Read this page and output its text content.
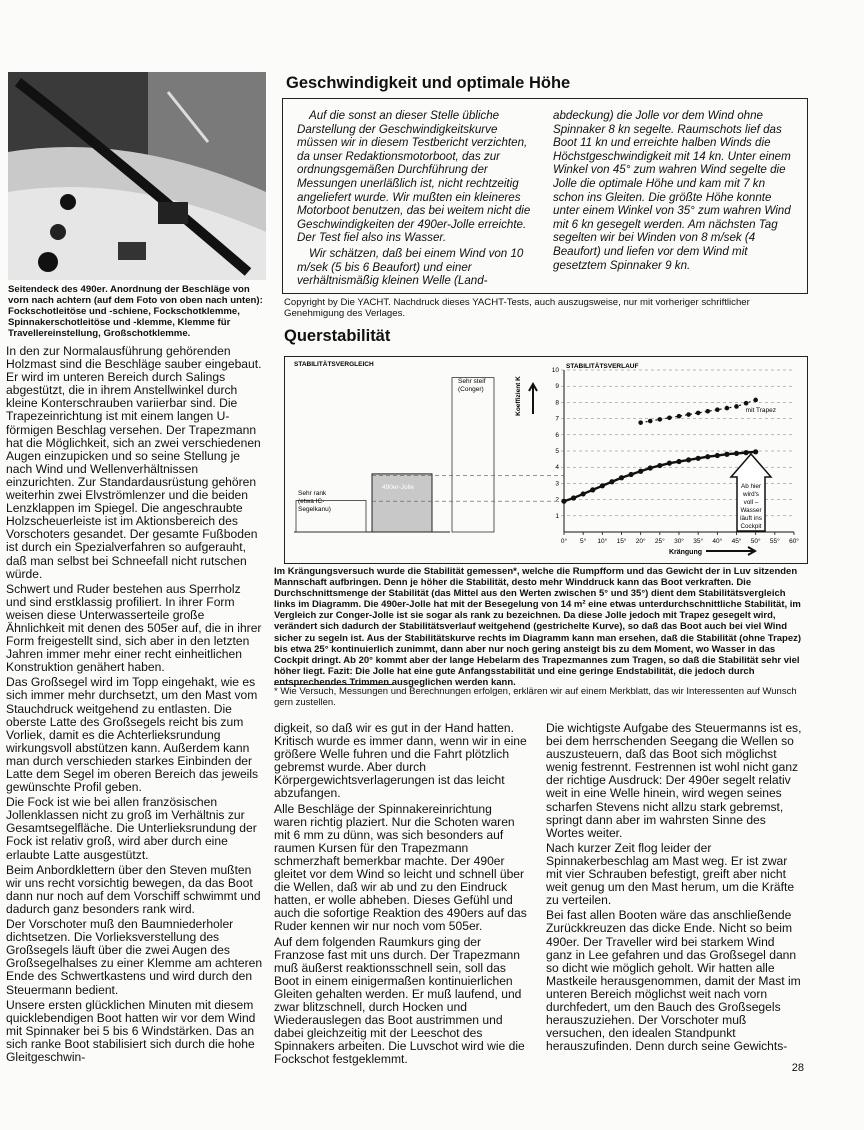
Seitendeck des 490er. Anordnung der Beschläge von vorn nach achtern (auf dem Foto von oben nach unten): Fockschotleitöse und -schiene, Fockschotklemme, Spinnakerschotleitöse und -klemme, Klemme für Travellereinstellung, Großschotklemme.

Geschwindigkeit und optimale Höhe

Auf die sonst an dieser Stelle übliche Darstellung der Geschwindigkeitskurve müssen wir in diesem Testbericht verzichten, da unser Redaktionsmotorboot, das zur ordnungsgemäßen Durchführung der Messungen unerläßlich ist, nicht rechtzeitig angeliefert wurde. Wir mußten ein kleineres Motorboot benutzen, das bei weitem nicht die Geschwindigkeiten der 490er-Jolle erreichte. Der Test fiel also ins Wasser.

Wir schätzen, daß bei einem Wind von 10 m/sek (5 bis 6 Beaufort) und einer verhältnismäßig kleinen Welle (Land-

abdeckung) die Jolle vor dem Wind ohne Spinnaker 8 kn segelte. Raumschots lief das Boot 11 kn und erreichte halben Winds die Höchstgeschwindigkeit mit 14 kn. Unter einem Winkel von 45° zum wahren Wind segelte die Jolle die optimale Höhe und kam mit 7 kn schon ins Gleiten. Die größte Höhe konnte unter einem Winkel von 35° zum wahren Wind mit 6 kn gesegelt werden. Am nächsten Tag segelten wir bei Winden von 8 m/sek (4 Beaufort) und liefen vor dem Wind mit gesetztem Spinnaker 9 kn.

Copyright by Die YACHT. Nachdruck dieses YACHT-Tests, auch auszugsweise, nur mit vorheriger schriftlicher Genehmigung des Verlages.

Querstabilität

In den zur Normalausführung gehörenden Holzmast sind die Beschläge sauber eingebaut. Er wird im unteren Bereich durch Salings abgestützt, die in ihrem Anstellwinkel durch kleine Konterschrauben variierbar sind. Die Trapezeinrichtung ist mit einem langen U-förmigen Beschlag versehen. Der Trapezmann hat die Möglichkeit, sich an zwei verschiedenen Augen einzupicken und so seine Stellung je nach Wind und Wellenverhältnissen einzurichten. Zur Standardausrüstung gehören weiterhin zwei Elvströmlenzer und die beiden Lenzklappen im Spiegel. Die angeschraubte Holzscheuerleiste ist im Aktionsbereich des Vorschoters gesandet. Der gesamte Fußboden ist durch ein Spezialverfahren so aufgerauht, daß man selbst bei Schneefall nicht rutschen würde.

Schwert und Ruder bestehen aus Sperrholz und sind erstklassig profiliert. In ihrer Form weisen diese Unterwasserteile große Ähnlichkeit mit denen des 505er auf, die in ihrer Form freigestellt sind, sich aber in den letzten Jahren immer mehr einer recht einheitlichen Konstruktion genähert haben.

Das Großsegel wird im Topp eingehakt, wie es sich immer mehr durchsetzt, um den Mast vom Stauchdruck weitgehend zu entlasten. Die oberste Latte des Großsegels reicht bis zum Vorliek, damit es die Achterlieksrundung wirkungsvoll abstützen kann. Außerdem kann man durch verschieden starkes Einbinden der Latte dem Segel im oberen Bereich das jeweils gewünschte Profil geben.

Die Fock ist wie bei allen französischen Jollenklassen nicht zu groß im Verhältnis zur Gesamtsegelfläche. Die Unterlieksrundung der Fock ist relativ groß, wird aber durch eine erlaubte Latte ausgestützt.

Beim Anbordklettern über den Steven mußten wir uns recht vorsichtig bewegen, da das Boot dann nur noch auf dem Vorschiff schwimmt und dadurch ganz besonders rank wird.

Der Vorschoter muß den Baumniederholer dichtsetzen. Die Vorlieksverstellung des Großsegels läuft über die zwei Augen des Großsegelhalses zu einer Klemme am achteren Ende des Schwertkastens und wird durch den Steuermann bedient.

Unsere ersten glücklichen Minuten mit diesem quicklebendigen Boot hatten wir vor dem Wind mit Spinnaker bei 5 bis 6 Windstärken. Das an sich ranke Boot stabilisiert sich durch die hohe Gleitgeschwin-

STABILITÄTSVERGLEICH	STABILITÄTSVERLAUF
Sehr rank
(etwa IC-
Segelkanu)
490er-Jolle
Sehr steif
(Conger)
1
2
3
4
5
6
7
8
9
10
0° 5° 10° 15° 20° 25° 30° 35° 40° 45° 50° 55° 60°
Koeffizient K
Krängung
mit Trapez
Ab hier
wird's
voll –
Wasser
läuft ins
Cockpit

Im Krängungsversuch wurde die Stabilität gemessen*, welche die Rumpfform und das Gewicht der in Luv sitzenden Mannschaft aufbringen. Denn je höher die Stabilität, desto mehr Winddruck kann das Boot verkraften. Die Durchschnittsmenge der Stabilität (das Mittel aus den Werten zwischen 5° und 35°) dient dem Stabilitätsvergleich links im Diagramm. Die 490er-Jolle hat mit der Besegelung von 14 m² eine etwas unterdurchschnittliche Stabilität, im Vergleich zur Conger-Jolle ist sie sogar als rank zu bezeichnen. Da diese Jolle jedoch mit Trapez gesegelt wird, verändert sich dadurch der Stabilitätsverlauf weitgehend (gestrichelte Kurve), so daß das Boot auch bei viel Wind sicher zu segeln ist. Aus der Stabilitätskurve rechts im Diagramm kann man ersehen, daß die Stabilität (ohne Trapez) bis etwa 25° kontinuierlich zunimmt, dann aber nur noch gering ansteigt bis zu dem Moment, wo Wasser in das Cockpit dringt. Ab 20° kommt aber der lange Hebelarm des Trapezmannes zum Tragen, so daß die Stabilität sehr viel höher liegt. Fazit: Die Jolle hat eine gute Anfangsstabilität und eine geringe Endstabilität, die jedoch durch entsprechendes Trimmen ausgeglichen werden kann.

* Wie Versuch, Messungen und Berechnungen erfolgen, erklären wir auf einem Merkblatt, das wir Interessenten auf Wunsch gern zustellen.

digkeit, so daß wir es gut in der Hand hatten. Kritisch wurde es immer dann, wenn wir in eine größere Welle fuhren und die Fahrt plötzlich gebremst wurde. Aber durch Körpergewichtsverlagerungen ist das leicht abzufangen.

Alle Beschläge der Spinnakereinrichtung waren richtig plaziert. Nur die Schoten waren mit 6 mm zu dünn, was sich besonders auf raumen Kursen für den Trapezmann schmerzhaft bemerkbar machte. Der 490er gleitet vor dem Wind so leicht und schnell über die Wellen, daß wir ab und zu den Eindruck hatten, er wolle abheben. Dieses Gefühl und auch die sofortige Reaktion des 490ers auf das Ruder kennen wir nur noch vom 505er.

Auf dem folgenden Raumkurs ging der Franzose fast mit uns durch. Der Trapezmann muß äußerst reaktionsschnell sein, soll das Boot in einem einigermaßen kontinuierlichen Gleiten gehalten werden. Er muß laufend, und zwar blitzschnell, durch Hocken und Wiederauslegen das Boot austrimmen und dabei gleichzeitig mit der Leeschot des Spinnakers arbeiten. Die Luvschot wird wie die Fockschot festgeklemmt.

Die wichtigste Aufgabe des Steuermanns ist es, bei dem herrschenden Seegang die Wellen so auszusteuern, daß das Boot sich möglichst wenig festrennt. Festrennen ist wohl nicht ganz der richtige Ausdruck: Der 490er segelt relativ weit in eine Welle hinein, wird wegen seines scharfen Stevens nicht allzu stark gebremst, springt dann aber im wahrsten Sinne des Wortes weiter.

Nach kurzer Zeit flog leider der Spinnakerbeschlag am Mast weg. Er ist zwar mit vier Schrauben befestigt, greift aber nicht weit genug um den Mast herum, um die Kräfte zu verteilen.

Bei fast allen Booten wäre das anschließende Zurückkreuzen das dicke Ende. Nicht so beim 490er. Der Traveller wird bei starkem Wind ganz in Lee gefahren und das Großsegel dann so dicht wie möglich geholt. Wir hatten alle Mastkeile herausgenommen, damit der Mast im unteren Bereich möglichst weit nach vorn durchfedert, um den Bauch des Großsegels herauszuziehen. Der Vorschoter muß versuchen, den idealen Standpunkt herauszufinden. Denn durch seine Gewichts-

28
